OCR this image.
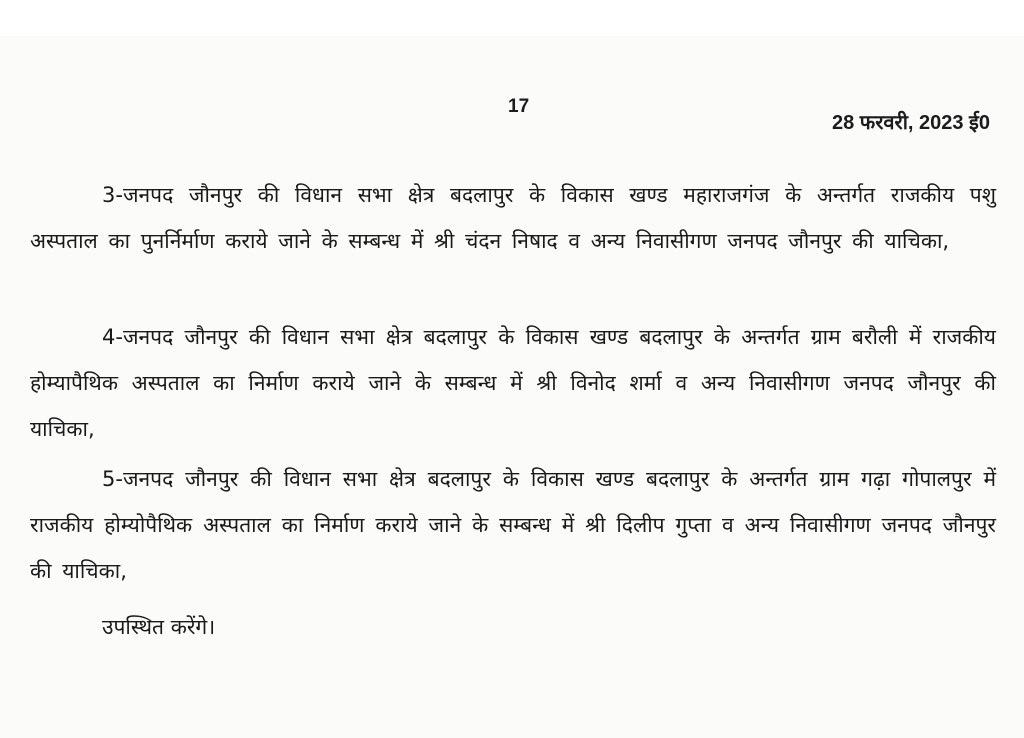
17
28 फरवरी, 2023 ई0

3-जनपद जौनपुर की विधान सभा क्षेत्र बदलापुर के विकास खण्ड महाराजगंज के अन्तर्गत राजकीय पशु अस्पताल का पुनर्निर्माण कराये जाने के सम्बन्ध में श्री चंदन निषाद व अन्य निवासीगण जनपद जौनपुर की याचिका,

4-जनपद जौनपुर की विधान सभा क्षेत्र बदलापुर के विकास खण्ड बदलापुर के अन्तर्गत ग्राम बरौली में राजकीय होम्यापैथिक अस्पताल का निर्माण कराये जाने के सम्बन्ध में श्री विनोद शर्मा व अन्य निवासीगण जनपद जौनपुर की याचिका,

5-जनपद जौनपुर की विधान सभा क्षेत्र बदलापुर के विकास खण्ड बदलापुर के अन्तर्गत ग्राम गढ़ा गोपालपुर में राजकीय होम्योपैथिक अस्पताल का निर्माण कराये जाने के सम्बन्ध में श्री दिलीप गुप्ता व अन्य निवासीगण जनपद जौनपुर की याचिका,

उपस्थित करेंगे।
